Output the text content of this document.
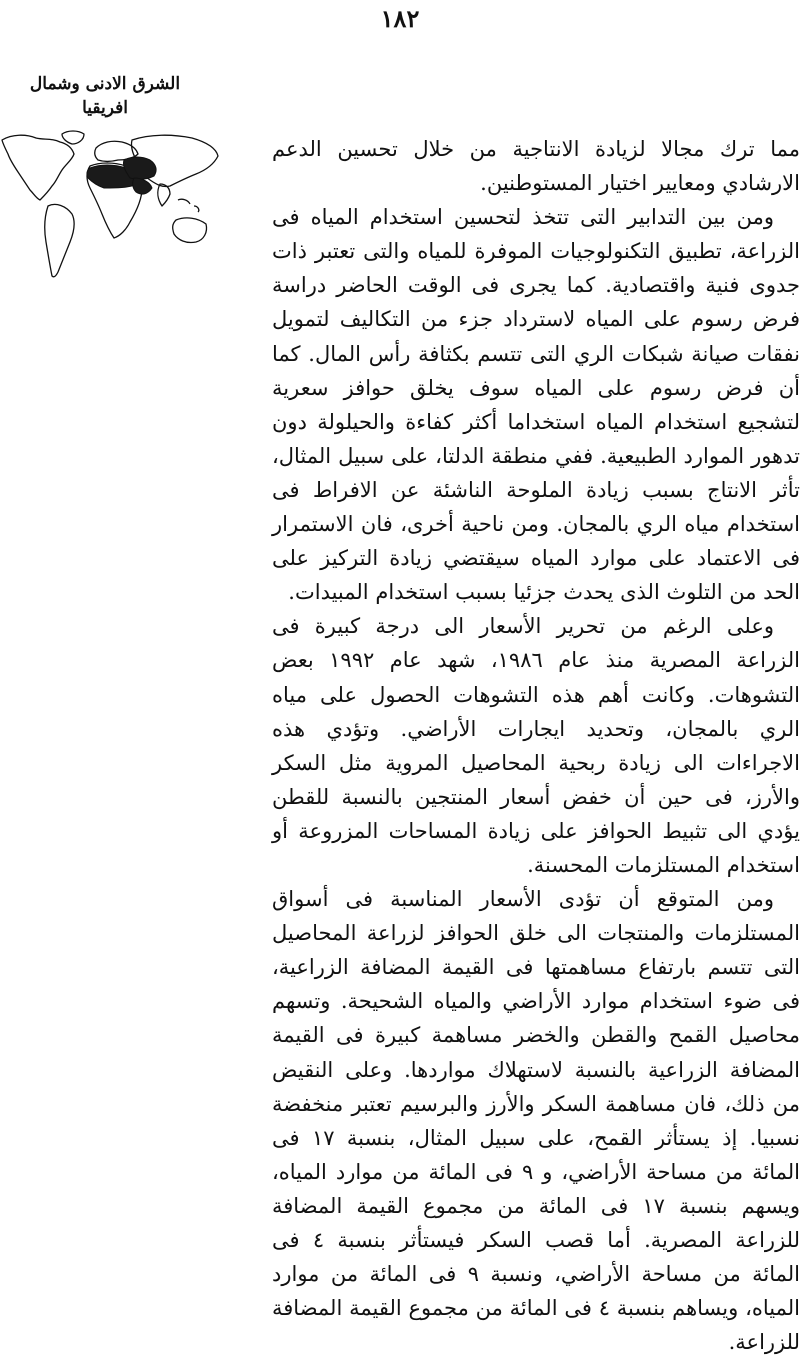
١٨٢
الشرق الادنى وشمال
افريقيا

مما ترك مجالا لزيادة الانتاجية من خلال تحسين الدعم الارشادي ومعايير اختيار المستوطنين.

ومن بين التدابير التى تتخذ لتحسين استخدام المياه فى الزراعة، تطبيق التكنولوجيات الموفرة للمياه والتى تعتبر ذات جدوى فنية واقتصادية. كما يجرى فى الوقت الحاضر دراسة فرض رسوم على المياه لاسترداد جزء من التكاليف لتمويل نفقات صيانة شبكات الري التى تتسم بكثافة رأس المال. كما أن فرض رسوم على المياه سوف يخلق حوافز سعرية لتشجيع استخدام المياه استخداما أكثر كفاءة والحيلولة دون تدهور الموارد الطبيعية. ففي منطقة الدلتا، على سبيل المثال، تأثر الانتاج بسبب زيادة الملوحة الناشئة عن الافراط فى استخدام مياه الري بالمجان. ومن ناحية أخرى، فان الاستمرار فى الاعتماد على موارد المياه سيقتضي زيادة التركيز على الحد من التلوث الذى يحدث جزئيا بسبب استخدام المبيدات.

وعلى الرغم من تحرير الأسعار الى درجة كبيرة فى الزراعة المصرية منذ عام ١٩٨٦، شهد عام ١٩٩٢ بعض التشوهات. وكانت أهم هذه التشوهات الحصول على مياه الري بالمجان، وتحديد ايجارات الأراضي. وتؤدي هذه الاجراءات الى زيادة ربحية المحاصيل المروية مثل السكر والأرز، فى حين أن خفض أسعار المنتجين بالنسبة للقطن يؤدي الى تثبيط الحوافز على زيادة المساحات المزروعة أو استخدام المستلزمات المحسنة.

ومن المتوقع أن تؤدى الأسعار المناسبة فى أسواق المستلزمات والمنتجات الى خلق الحوافز لزراعة المحاصيل التى تتسم بارتفاع مساهمتها فى القيمة المضافة الزراعية، فى ضوء استخدام موارد الأراضي والمياه الشحيحة. وتسهم محاصيل القمح والقطن والخضر مساهمة كبيرة فى القيمة المضافة الزراعية بالنسبة لاستهلاك مواردها. وعلى النقيض من ذلك، فان مساهمة السكر والأرز والبرسيم تعتبر منخفضة نسبيا. إذ يستأثر القمح، على سبيل المثال، بنسبة ١٧ فى المائة من مساحة الأراضي، و ٩ فى المائة من موارد المياه، ويسهم بنسبة ١٧ فى المائة من مجموع القيمة المضافة للزراعة المصرية. أما قصب السكر فيستأثر بنسبة ٤ فى المائة من مساحة الأراضي، ونسبة ٩ فى المائة من موارد المياه، ويساهم بنسبة ٤ فى المائة من مجموع القيمة المضافة للزراعة.
